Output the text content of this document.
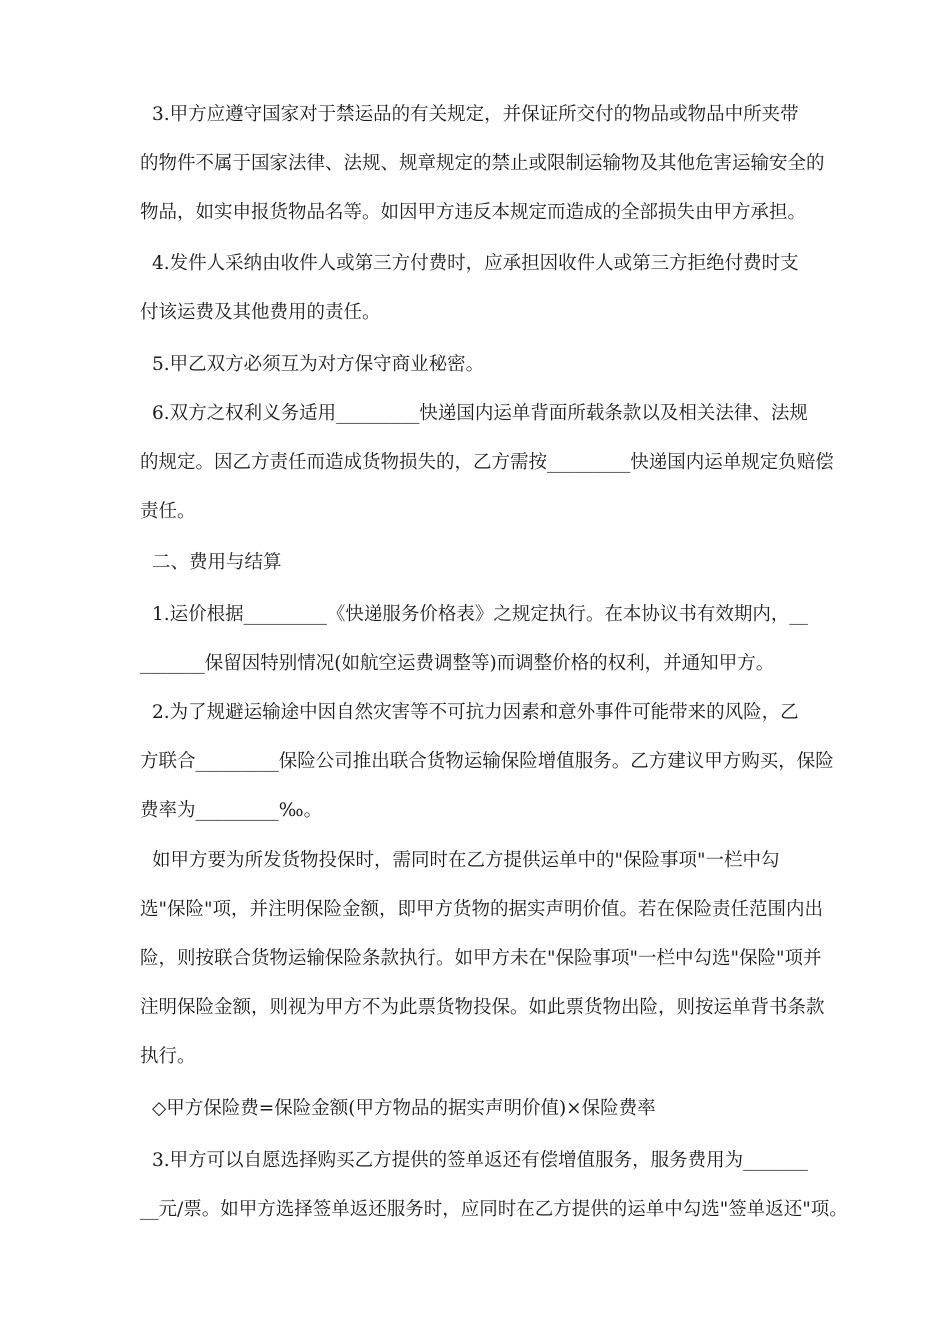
3.甲方应遵守国家对于禁运品的有关规定，并保证所交付的物品或物品中所夹带
的物件不属于国家法律、法规、规章规定的禁止或限制运输物及其他危害运输安全的
物品，如实申报货物品名等。如因甲方违反本规定而造成的全部损失由甲方承担。
4.发件人采纳由收件人或第三方付费时，应承担因收件人或第三方拒绝付费时支
付该运费及其他费用的责任。
5.甲乙双方必须互为对方保守商业秘密。
6.双方之权利义务适用_________快递国内运单背面所载条款以及相关法律、法规
的规定。因乙方责任而造成货物损失的，乙方需按_________快递国内运单规定负赔偿
责任。
二、费用与结算
1.运价根据_________《快递服务价格表》之规定执行。在本协议书有效期内，__
_______保留因特别情况(如航空运费调整等)而调整价格的权利，并通知甲方。
2.为了规避运输途中因自然灾害等不可抗力因素和意外事件可能带来的风险，乙
方联合_________保险公司推出联合货物运输保险增值服务。乙方建议甲方购买，保险
费率为_________‰。
如甲方要为所发货物投保时，需同时在乙方提供运单中的"保险事项"一栏中勾
选"保险"项，并注明保险金额，即甲方货物的据实声明价值。若在保险责任范围内出
险，则按联合货物运输保险条款执行。如甲方未在"保险事项"一栏中勾选"保险"项并
注明保险金额，则视为甲方不为此票货物投保。如此票货物出险，则按运单背书条款
执行。
◇甲方保险费=保险金额(甲方物品的据实声明价值)×保险费率
3.甲方可以自愿选择购买乙方提供的签单返还有偿增值服务，服务费用为_______
__元/票。如甲方选择签单返还服务时，应同时在乙方提供的运单中勾选"签单返还"项。
